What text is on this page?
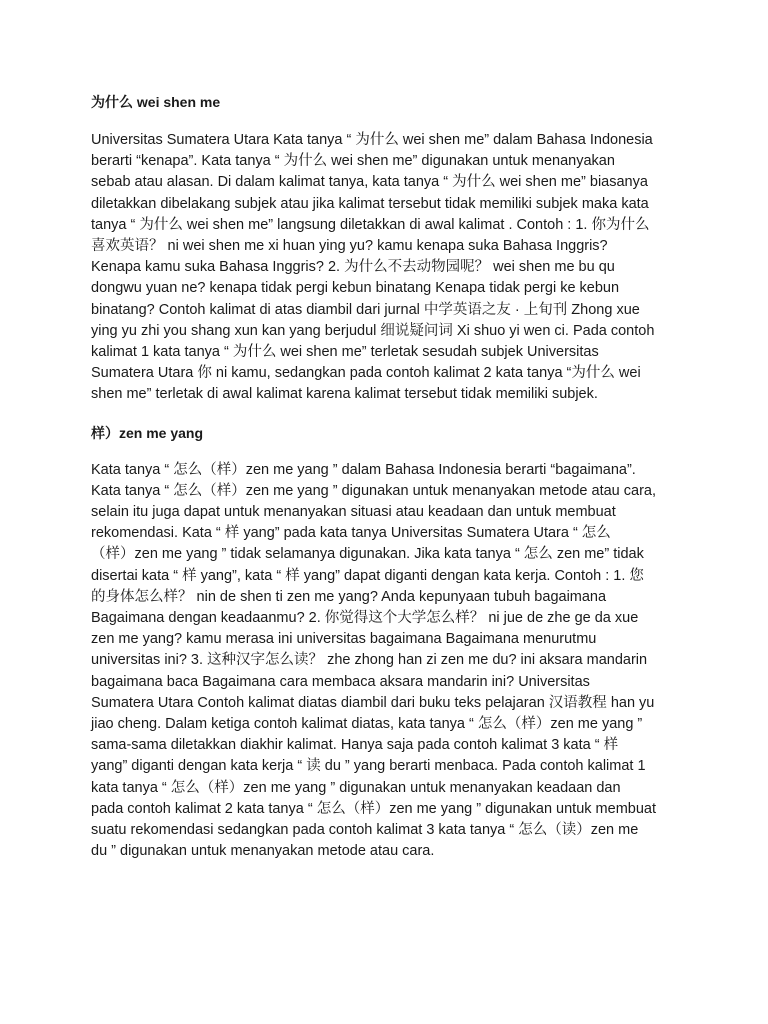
为什么 wei shen me

Universitas Sumatera Utara Kata tanya “ 为什么 wei shen me” dalam Bahasa Indonesia
berarti “kenapa”. Kata tanya “ 为什么 wei shen me” digunakan untuk menanyakan
sebab atau alasan. Di dalam kalimat tanya, kata tanya “ 为什么 wei shen me” biasanya
diletakkan dibelakang subjek atau jika kalimat tersebut tidak memiliki subjek maka kata
tanya “ 为什么 wei shen me” langsung diletakkan di awal kalimat . Contoh : 1. 你为什么
喜欢英语？ ni wei shen me xi huan ying yu? kamu kenapa suka Bahasa Inggris?
Kenapa kamu suka Bahasa Inggris? 2. 为什么不去动物园呢？ wei shen me bu qu
dongwu yuan ne? kenapa tidak pergi kebun binatang Kenapa tidak pergi ke kebun
binatang? Contoh kalimat di atas diambil dari jurnal 中学英语之友 · 上旬刊 Zhong xue
ying yu zhi you shang xun kan yang berjudul 细说疑问词 Xi shuo yi wen ci. Pada contoh
kalimat 1 kata tanya “ 为什么 wei shen me” terletak sesudah subjek Universitas
Sumatera Utara 你 ni kamu, sedangkan pada contoh kalimat 2 kata tanya “为什么 wei
shen me” terletak di awal kalimat karena kalimat tersebut tidak memiliki subjek.

样）zen me yang

Kata tanya “ 怎么（样）zen me yang ” dalam Bahasa Indonesia berarti “bagaimana”.
Kata tanya “ 怎么（样）zen me yang ” digunakan untuk menanyakan metode atau cara,
selain itu juga dapat untuk menanyakan situasi atau keadaan dan untuk membuat
rekomendasi. Kata “ 样 yang” pada kata tanya Universitas Sumatera Utara “ 怎么
（样）zen me yang ” tidak selamanya digunakan. Jika kata tanya “ 怎么 zen me” tidak
disertai kata “ 样 yang”, kata “ 样 yang” dapat diganti dengan kata kerja. Contoh : 1. 您
的身体怎么样？ nin de shen ti zen me yang? Anda kepunyaan tubuh bagaimana
Bagaimana dengan keadaanmu? 2. 你觉得这个大学怎么样？ ni jue de zhe ge da xue
zen me yang? kamu merasa ini universitas bagaimana Bagaimana menurutmu
universitas ini? 3. 这种汉字怎么读？ zhe zhong han zi zen me du? ini aksara mandarin
bagaimana baca Bagaimana cara membaca aksara mandarin ini? Universitas
Sumatera Utara Contoh kalimat diatas diambil dari buku teks pelajaran 汉语教程 han yu
jiao cheng. Dalam ketiga contoh kalimat diatas, kata tanya “ 怎么（样）zen me yang ”
sama-sama diletakkan diakhir kalimat. Hanya saja pada contoh kalimat 3 kata “ 样
yang” diganti dengan kata kerja “ 读 du ” yang berarti menbaca. Pada contoh kalimat 1
kata tanya “ 怎么（样）zen me yang ” digunakan untuk menanyakan keadaan dan
pada contoh kalimat 2 kata tanya “ 怎么（样）zen me yang ” digunakan untuk membuat
suatu rekomendasi sedangkan pada contoh kalimat 3 kata tanya “ 怎么（读）zen me
du ” digunakan untuk menanyakan metode atau cara.
